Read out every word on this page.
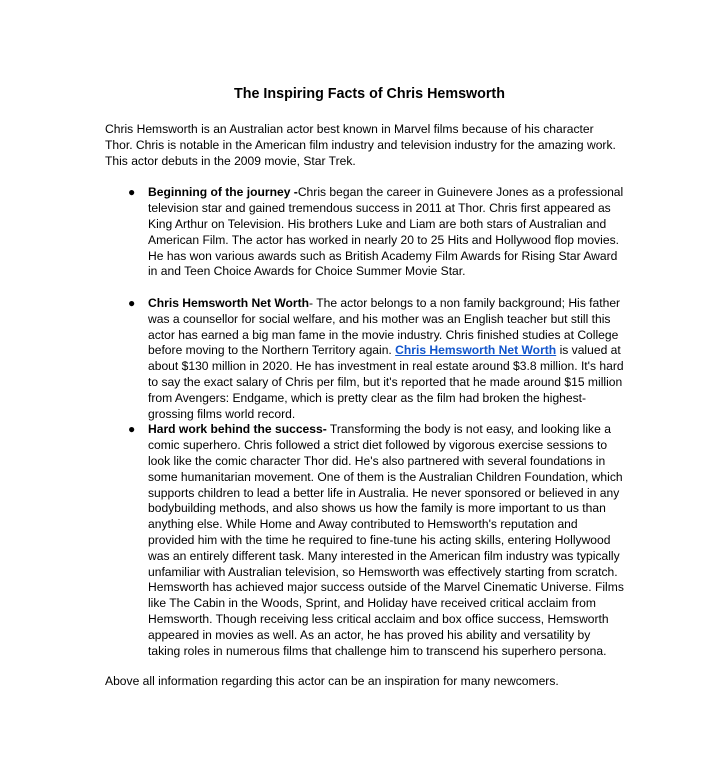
The Inspiring Facts of Chris Hemsworth

Chris Hemsworth is an Australian actor best known in Marvel films because of his character Thor. Chris is notable in the American film industry and television industry for the amazing work. This actor debuts in the 2009 movie, Star Trek.

● Beginning of the journey -Chris began the career in Guinevere Jones as a professional television star and gained tremendous success in 2011 at Thor. Chris first appeared as King Arthur on Television. His brothers Luke and Liam are both stars of Australian and American Film. The actor has worked in nearly 20 to 25 Hits and Hollywood flop movies. He has won various awards such as British Academy Film Awards for Rising Star Award in and Teen Choice Awards for Choice Summer Movie Star.
● Chris Hemsworth Net Worth- The actor belongs to a non family background; His father was a counsellor for social welfare, and his mother was an English teacher but still this actor has earned a big man fame in the movie industry. Chris finished studies at College before moving to the Northern Territory again. Chris Hemsworth Net Worth is valued at about $130 million in 2020. He has investment in real estate around $3.8 million. It's hard to say the exact salary of Chris per film, but it's reported that he made around $15 million from Avengers: Endgame, which is pretty clear as the film had broken the highest-grossing films world record.
● Hard work behind the success- Transforming the body is not easy, and looking like a comic superhero. Chris followed a strict diet followed by vigorous exercise sessions to look like the comic character Thor did. He's also partnered with several foundations in some humanitarian movement. One of them is the Australian Children Foundation, which supports children to lead a better life in Australia. He never sponsored or believed in any bodybuilding methods, and also shows us how the family is more important to us than anything else. While Home and Away contributed to Hemsworth's reputation and provided him with the time he required to fine-tune his acting skills, entering Hollywood was an entirely different task. Many interested in the American film industry was typically unfamiliar with Australian television, so Hemsworth was effectively starting from scratch. Hemsworth has achieved major success outside of the Marvel Cinematic Universe. Films like The Cabin in the Woods, Sprint, and Holiday have received critical acclaim from Hemsworth. Though receiving less critical acclaim and box office success, Hemsworth appeared in movies as well. As an actor, he has proved his ability and versatility by taking roles in numerous films that challenge him to transcend his superhero persona.

Above all information regarding this actor can be an inspiration for many newcomers.
